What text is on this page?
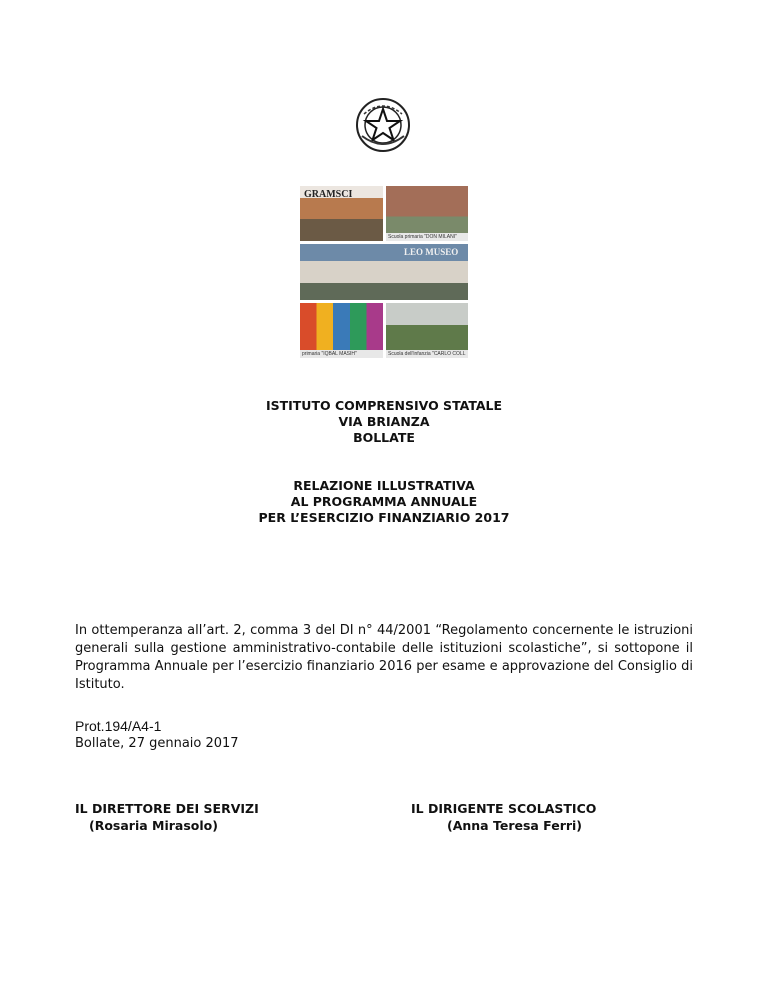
GRAMSCI
Scuola primaria "DON MILANI"
LEO MUSEO
primaria "IQBAL MASIH"	Scuola dell'infanzia "CARLO COLL
ISTITUTO COMPRENSIVO STATALE
VIA BRIANZA
BOLLATE
RELAZIONE ILLUSTRATIVA
AL PROGRAMMA ANNUALE
PER L’ESERCIZIO FINANZIARIO 2017
In ottemperanza all’art. 2, comma 3 del DI n° 44/2001 “Regolamento concernente le istruzioni generali sulla gestione amministrativo-contabile delle istituzioni scolastiche”, si sottopone il Programma Annuale per l’esercizio finanziario 2016 per esame e approvazione del Consiglio di Istituto.
Prot.194/A4-1
Bollate, 27 gennaio 2017
IL DIRETTORE DEI SERVIZI
(Rosaria Mirasolo)
IL DIRIGENTE SCOLASTICO
(Anna Teresa Ferri)
